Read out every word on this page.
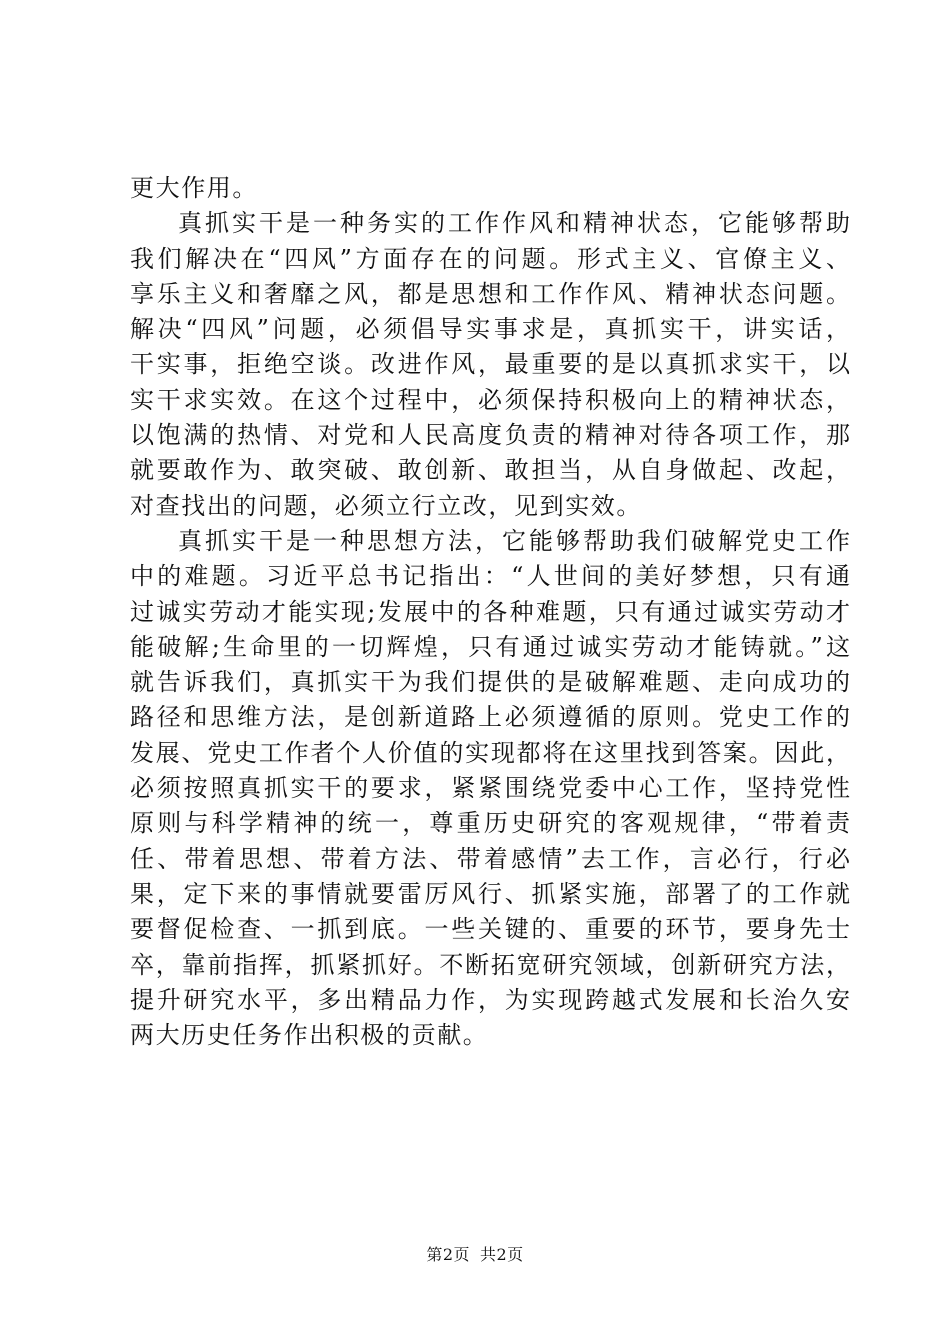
更大作用。
真抓实干是一种务实的工作作风和精神状态，它能够帮助
我们解决在“四风”方面存在的问题。形式主义、官僚主义、
享乐主义和奢靡之风，都是思想和工作作风、精神状态问题。
解决“四风”问题，必须倡导实事求是，真抓实干，讲实话，
干实事，拒绝空谈。改进作风，最重要的是以真抓求实干，以
实干求实效。在这个过程中，必须保持积极向上的精神状态，
以饱满的热情、对党和人民高度负责的精神对待各项工作，那
就要敢作为、敢突破、敢创新、敢担当，从自身做起、改起，
对查找出的问题，必须立行立改，见到实效。
真抓实干是一种思想方法，它能够帮助我们破解党史工作
中的难题。习近平总书记指出：“人世间的美好梦想，只有通
过诚实劳动才能实现;发展中的各种难题，只有通过诚实劳动才
能破解;生命里的一切辉煌，只有通过诚实劳动才能铸就。”这
就告诉我们，真抓实干为我们提供的是破解难题、走向成功的
路径和思维方法，是创新道路上必须遵循的原则。党史工作的
发展、党史工作者个人价值的实现都将在这里找到答案。因此，
必须按照真抓实干的要求，紧紧围绕党委中心工作，坚持党性
原则与科学精神的统一，尊重历史研究的客观规律，“带着责
任、带着思想、带着方法、带着感情”去工作，言必行，行必
果，定下来的事情就要雷厉风行、抓紧实施，部署了的工作就
要督促检查、一抓到底。一些关键的、重要的环节，要身先士
卒，靠前指挥，抓紧抓好。不断拓宽研究领域，创新研究方法，
提升研究水平，多出精品力作，为实现跨越式发展和长治久安
两大历史任务作出积极的贡献。
第2页 共2页
